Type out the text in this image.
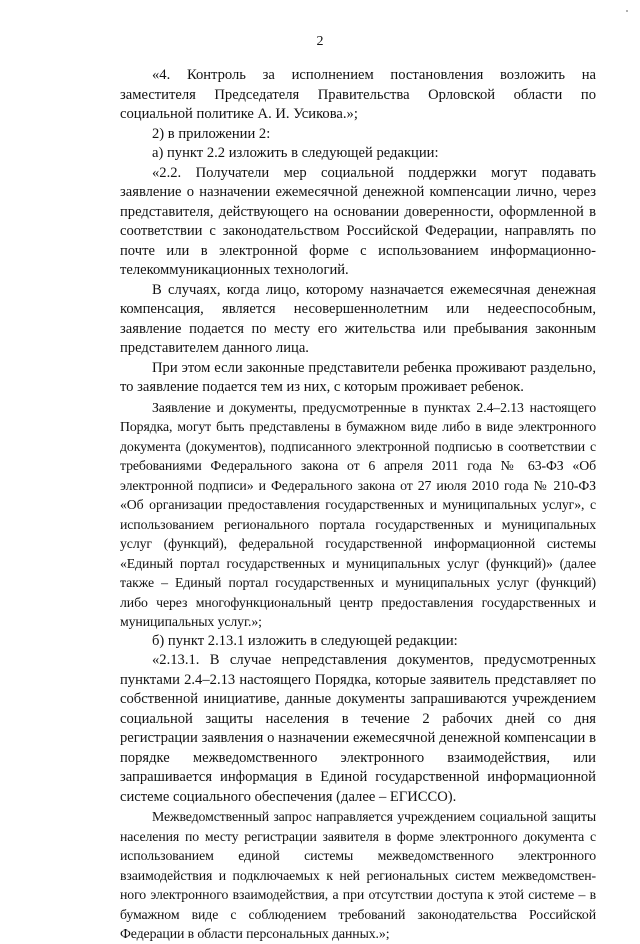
2

«4. Контроль за исполнением постановления возложить на заместителя Председателя Правительства Орловской области по социальной политике А. И. Усикова.»;

2) в приложении 2:

а) пункт 2.2 изложить в следующей редакции:

«2.2. Получатели мер социальной поддержки могут подавать заявление о назначении ежемесячной денежной компенсации лично, через представителя, действующего на основании доверенности, оформленной в соответствии с законодательством Российской Федерации, направлять по почте или в электронной форме с использованием информационно-телекоммуникационных технологий.

В случаях, когда лицо, которому назначается ежемесячная денежная компенсация, является несовершеннолетним или недееспособным, заявление подается по месту его жительства или пребывания законным представителем данного лица.

При этом если законные представители ребенка проживают раздельно, то заявление подается тем из них, с которым проживает ребенок.

Заявление и документы, предусмотренные в пунктах 2.4–2.13 настоящего Порядка, могут быть представлены в бумажном виде либо в виде электронного документа (документов), подписанного электронной подписью в соответствии с требованиями Федерального закона от 6 апреля 2011 года № 63-ФЗ «Об электронной подписи» и Федерального закона от 27 июля 2010 года № 210-ФЗ «Об организации предоставления государственных и муниципальных услуг», с использованием регионального портала государственных и муниципальных услуг (функций), федеральной государственной информационной системы «Единый портал государственных и муниципальных услуг (функций)» (далее также – Единый портал государственных и муниципальных услуг (функций) либо через многофункциональный центр предоставления государственных и муниципальных услуг.»;

б) пункт 2.13.1 изложить в следующей редакции:

«2.13.1. В случае непредставления документов, предусмотренных пунктами 2.4–2.13 настоящего Порядка, которые заявитель представляет по собственной инициативе, данные документы запрашиваются учреждением социальной защиты населения в течение 2 рабочих дней со дня регистрации заявления о назначении ежемесячной денежной компенсации в порядке межведомственного электронного взаимодействия, или запрашивается информация в Единой государственной информационной системе социального обеспечения (далее – ЕГИССО).

Межведомственный запрос направляется учреждением социальной защиты населения по месту регистрации заявителя в форме электронного документа с использованием единой системы межведомственного электронного взаимодействия и подключаемых к ней региональных систем межведомствен-ного электронного взаимодействия, а при отсутствии доступа к этой системе – в бумажном виде с соблюдением требований законодательства Российской Федерации в области персональных данных.»;
